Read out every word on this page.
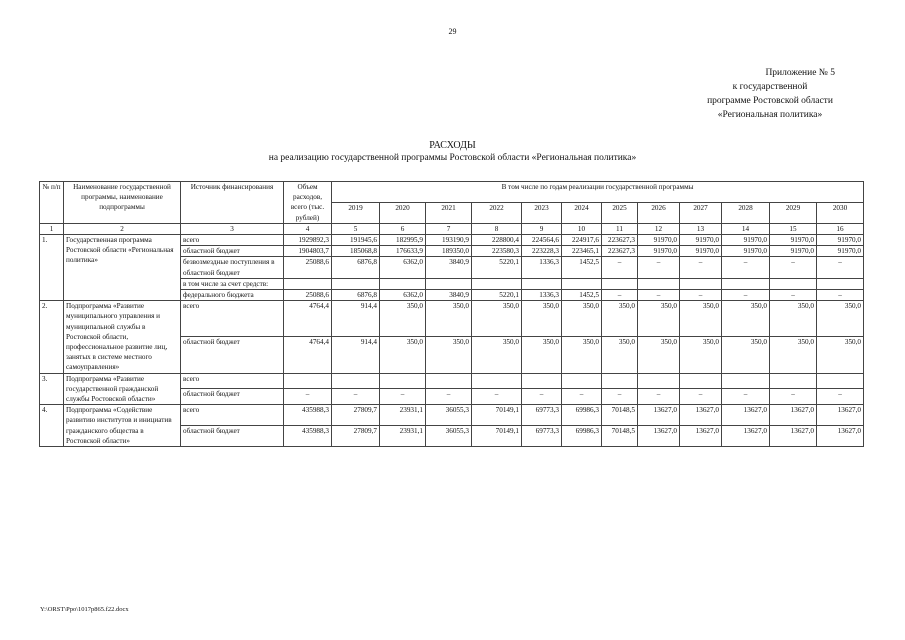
29
Приложение № 5
к государственной
программе Ростовской области
«Региональная политика»
РАСХОДЫ
на реализацию государственной программы Ростовской области «Региональная политика»
№ п/п	Наименование государственной программы, наименование подпрограммы	Источник финансирования	Объем расходов, всего (тыс. рублей)	В том числе по годам реализации государственной программы											
				2019	2020	2021	2022	2023	2024	2025	2026	2027	2028	2029	2030
1	2	3	4	5	6	7	8	9	10	11	12	13	14	15	16
1.	Государственная программа Ростовской области «Региональная политика»	всего	1929892,3	191945,6	182995,9	193190,9	228800,4	224564,6	224917,6	223627,3	91970,0	91970,0	91970,0	91970,0	91970,0
		областной бюджет	1904803,7	185068,8	176633,9	189350,0	223580,3	223228,3	223465,1	223627,3	91970,0	91970,0	91970,0	91970,0	91970,0
		безвозмездные поступления в областной бюджет	25088,6	6876,8	6362,0	3840,9	5220,1	1336,3	1452,5	–	–	–	–	–	–
		в том числе за счет средств:													
		федерального бюджета	25088,6	6876,8	6362,0	3840,9	5220,1	1336,3	1452,5	–	–	–	–	–	–
2.	Подпрограмма «Развитие муниципального управления и муниципальной службы в Ростовской области, профессиональное развитие лиц, занятых в системе местного самоуправления»	всего	4764,4	914,4	350,0	350,0	350,0	350,0	350,0	350,0	350,0	350,0	350,0	350,0	350,0
		областной бюджет	4764,4	914,4	350,0	350,0	350,0	350,0	350,0	350,0	350,0	350,0	350,0	350,0	350,0
3.	Подпрограмма «Развитие государственной гражданской службы Ростовской области»	всего													
		областной бюджет	–	–	–	–	–	–	–	–	–	–	–	–	–
4.	Подпрограмма «Содействие развитию институтов и инициатив гражданского общества в Ростовской области»	всего	435988,3	27809,7	23931,1	36055,3	70149,1	69773,3	69986,3	70148,5	13627,0	13627,0	13627,0	13627,0	13627,0
		областной бюджет	435988,3	27809,7	23931,1	36055,3	70149,1	69773,3	69986,3	70148,5	13627,0	13627,0	13627,0	13627,0	13627,0
Y:\ORST\Ppo\1017p865.f22.docx
